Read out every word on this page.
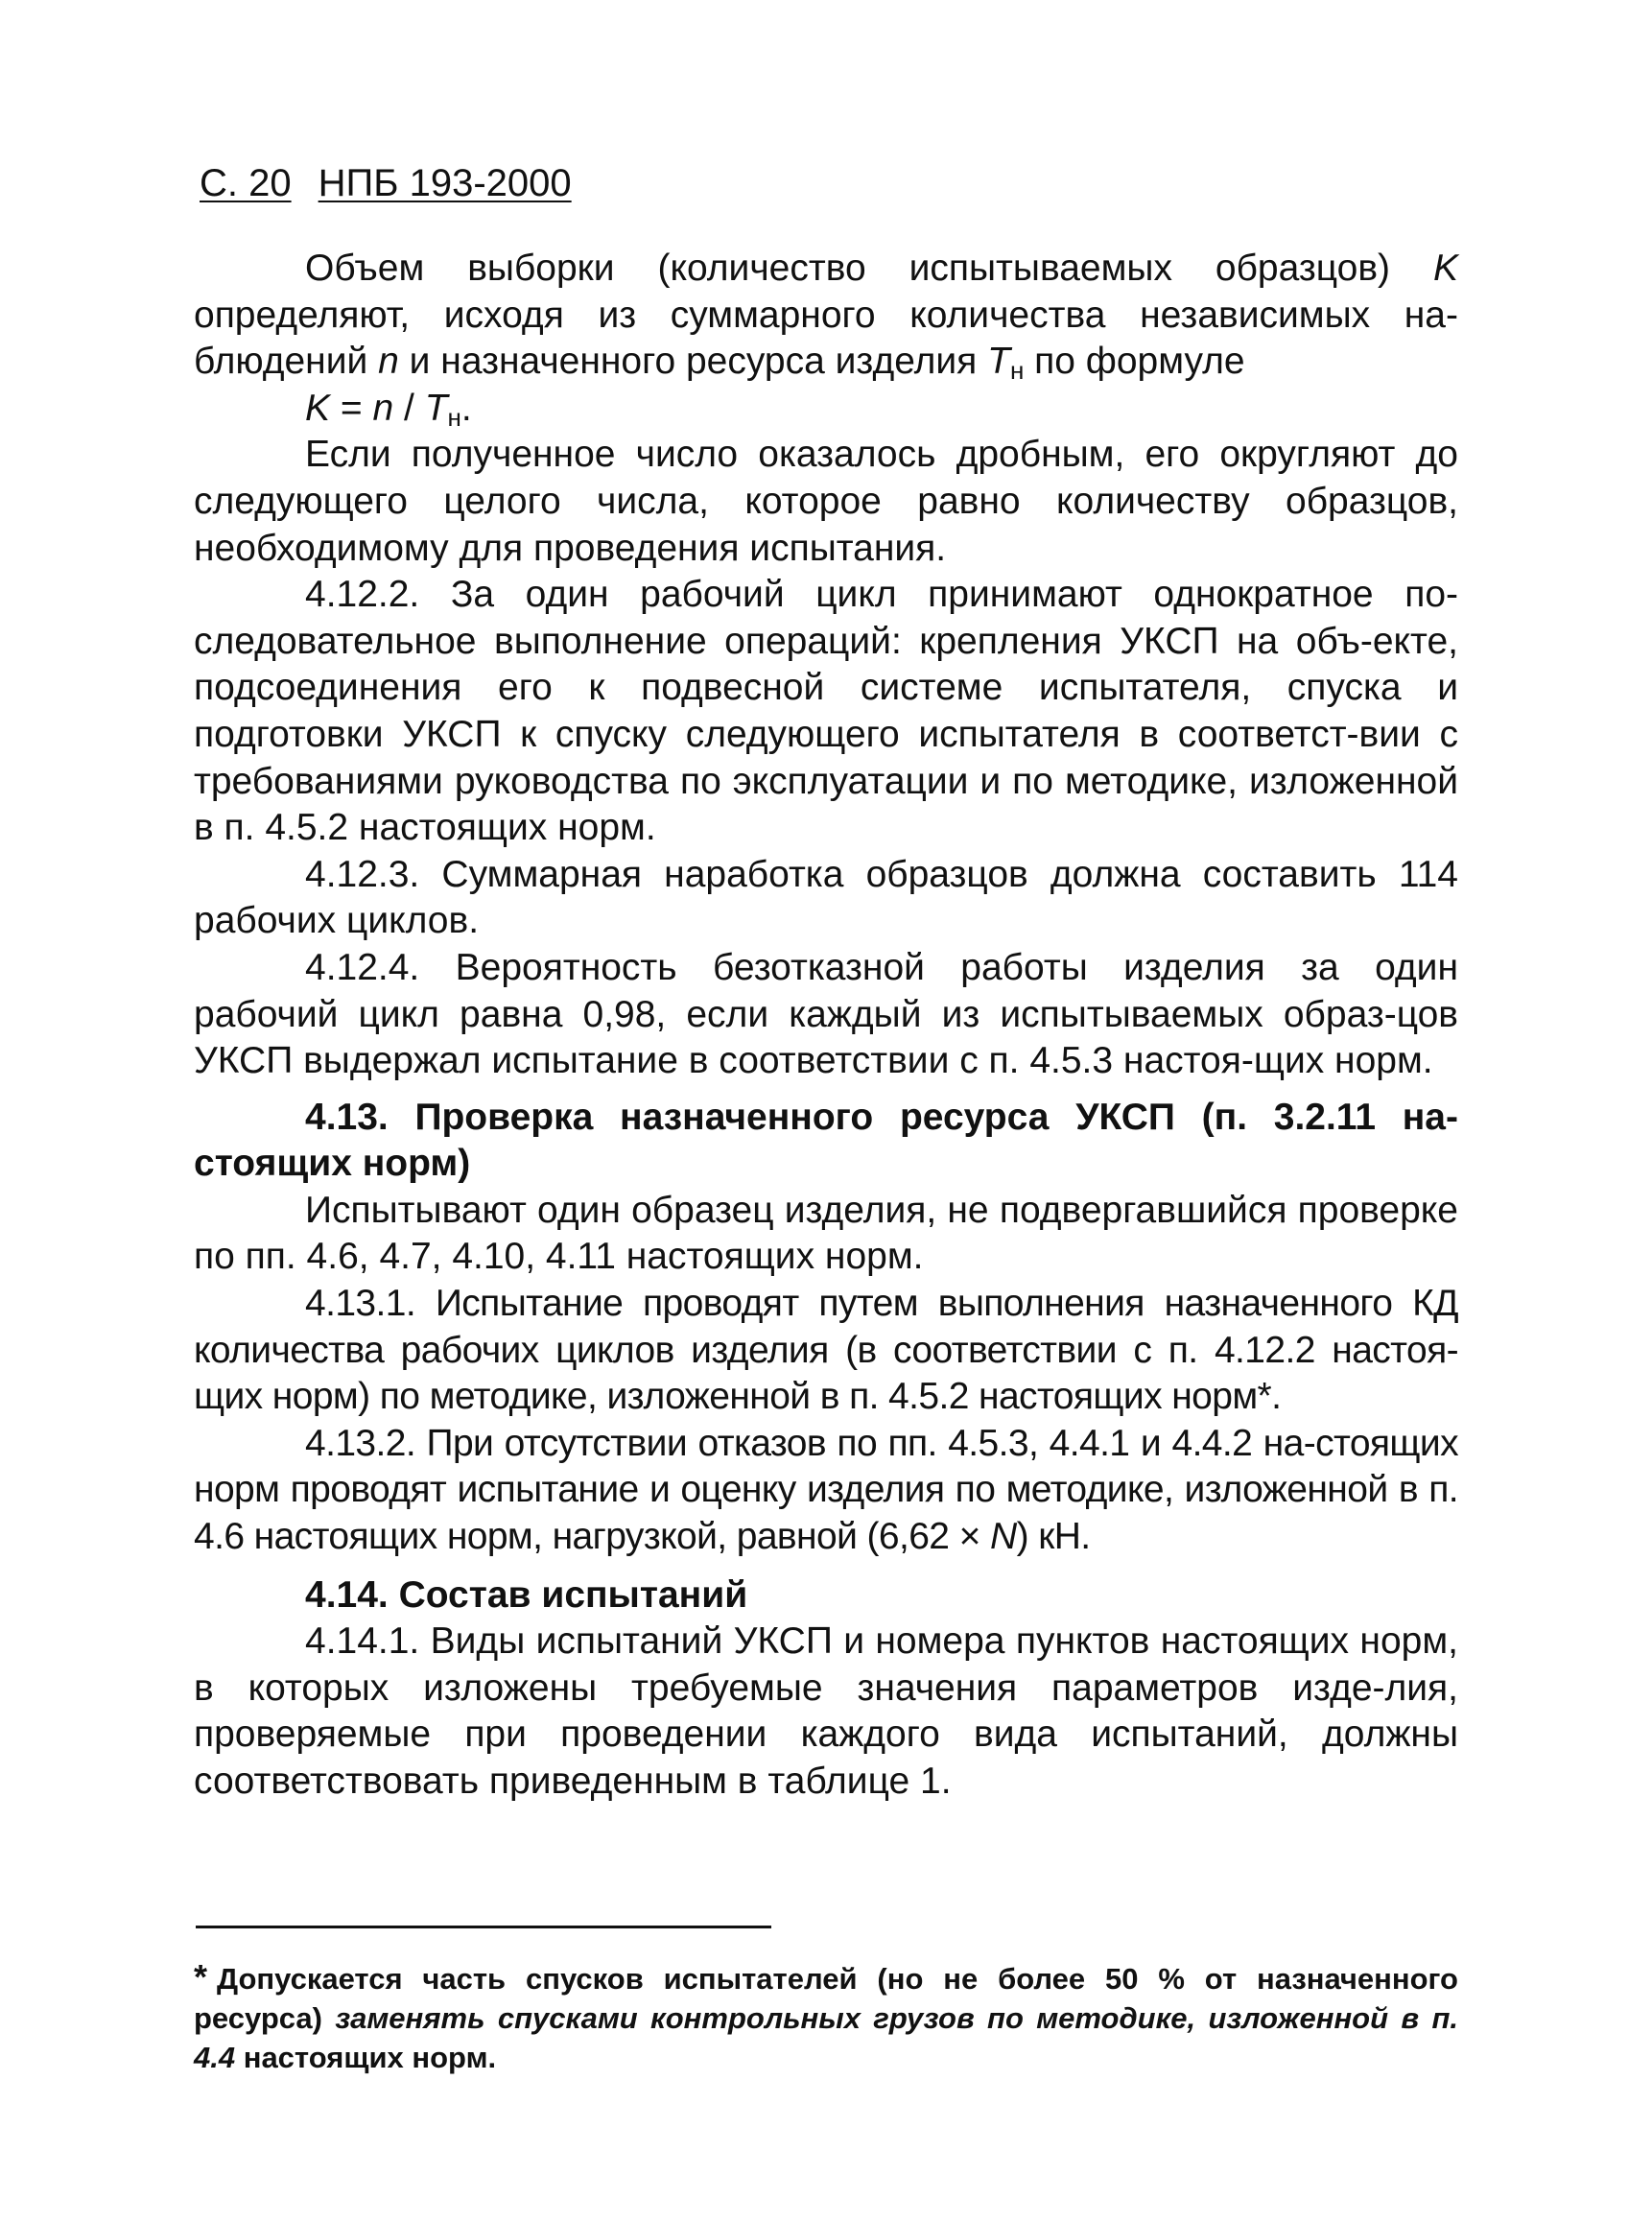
С. 20 НПБ 193-2000

Объем выборки (количество испытываемых образцов) K определяют, исходя из суммарного количества независимых на-блюдений n и назначенного ресурса изделия $T_н$ по формуле

$K = n / T_н$.

Если полученное число оказалось дробным, его округляют до следующего целого числа, которое равно количеству образцов, необходимому для проведения испытания.

4.12.2. За один рабочий цикл принимают однократное по-следовательное выполнение операций: крепления УКСП на объ-екте, подсоединения его к подвесной системе испытателя, спуска и подготовки УКСП к спуску следующего испытателя в соответст-вии с требованиями руководства по эксплуатации и по методике, изложенной в п. 4.5.2 настоящих норм.

4.12.3. Суммарная наработка образцов должна составить 114 рабочих циклов.

4.12.4. Вероятность безотказной работы изделия за один рабочий цикл равна 0,98, если каждый из испытываемых образ-цов УКСП выдержал испытание в соответствии с п. 4.5.3 настоя-щих норм.

4.13. Проверка назначенного ресурса УКСП (п. 3.2.11 на-стоящих норм)

Испытывают один образец изделия, не подвергавшийся проверке по пп. 4.6, 4.7, 4.10, 4.11 настоящих норм.

4.13.1. Испытание проводят путем выполнения назначенного КД количества рабочих циклов изделия (в соответствии с п. 4.12.2 настоя-щих норм) по методике, изложенной в п. 4.5.2 настоящих норм*.

4.13.2. При отсутствии отказов по пп. 4.5.3, 4.4.1 и 4.4.2 на-стоящих норм проводят испытание и оценку изделия по методике, изложенной в п. 4.6 настоящих норм, нагрузкой, равной (6,62 × N) кН.

4.14. Состав испытаний

4.14.1. Виды испытаний УКСП и номера пунктов настоящих норм, в которых изложены требуемые значения параметров изде-лия, проверяемые при проведении каждого вида испытаний, должны соответствовать приведенным в таблице 1.

* Допускается часть спусков испытателей (но не более 50 % от назначенного ресурса) заменять спусками контрольных грузов по методике, изложенной в п. 4.4 настоящих норм.
